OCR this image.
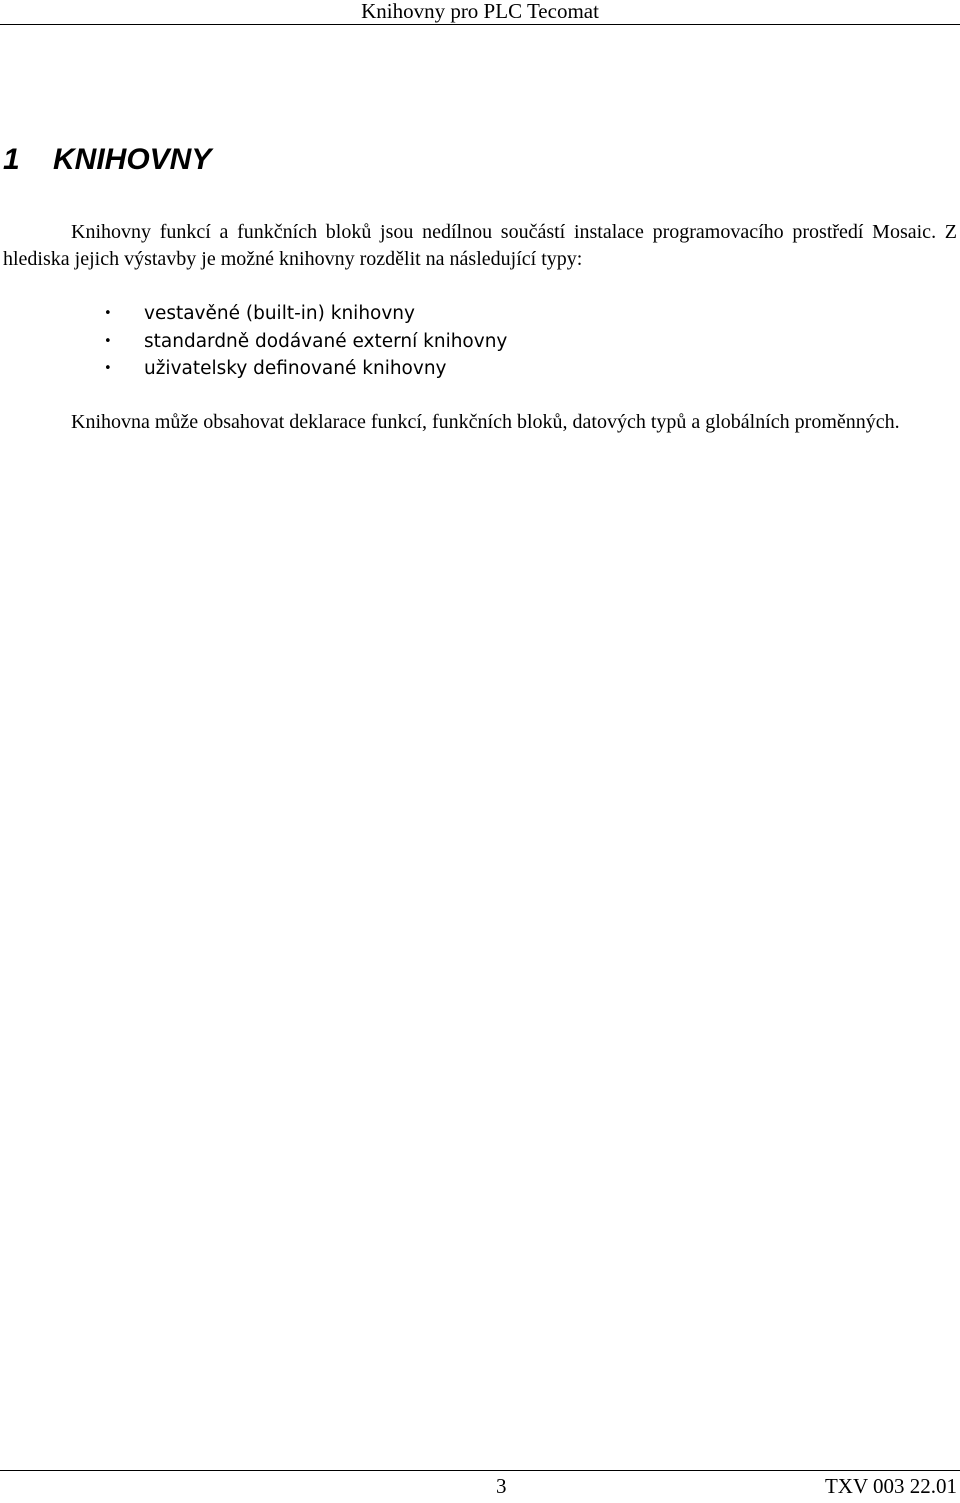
Knihovny pro PLC Tecomat
1 KNIHOVNY

Knihovny funkcí a funkčních bloků jsou nedílnou součástí instalace programovacího prostředí Mosaic. Z hlediska jejich výstavby je možné knihovny rozdělit na následující typy:

• vestavěné (built-in) knihovny
• standardně dodávané externí knihovny
• uživatelsky definované knihovny

Knihovna může obsahovat deklarace funkcí, funkčních bloků, datových typů a globálních proměnných.

3	TXV 003 22.01
